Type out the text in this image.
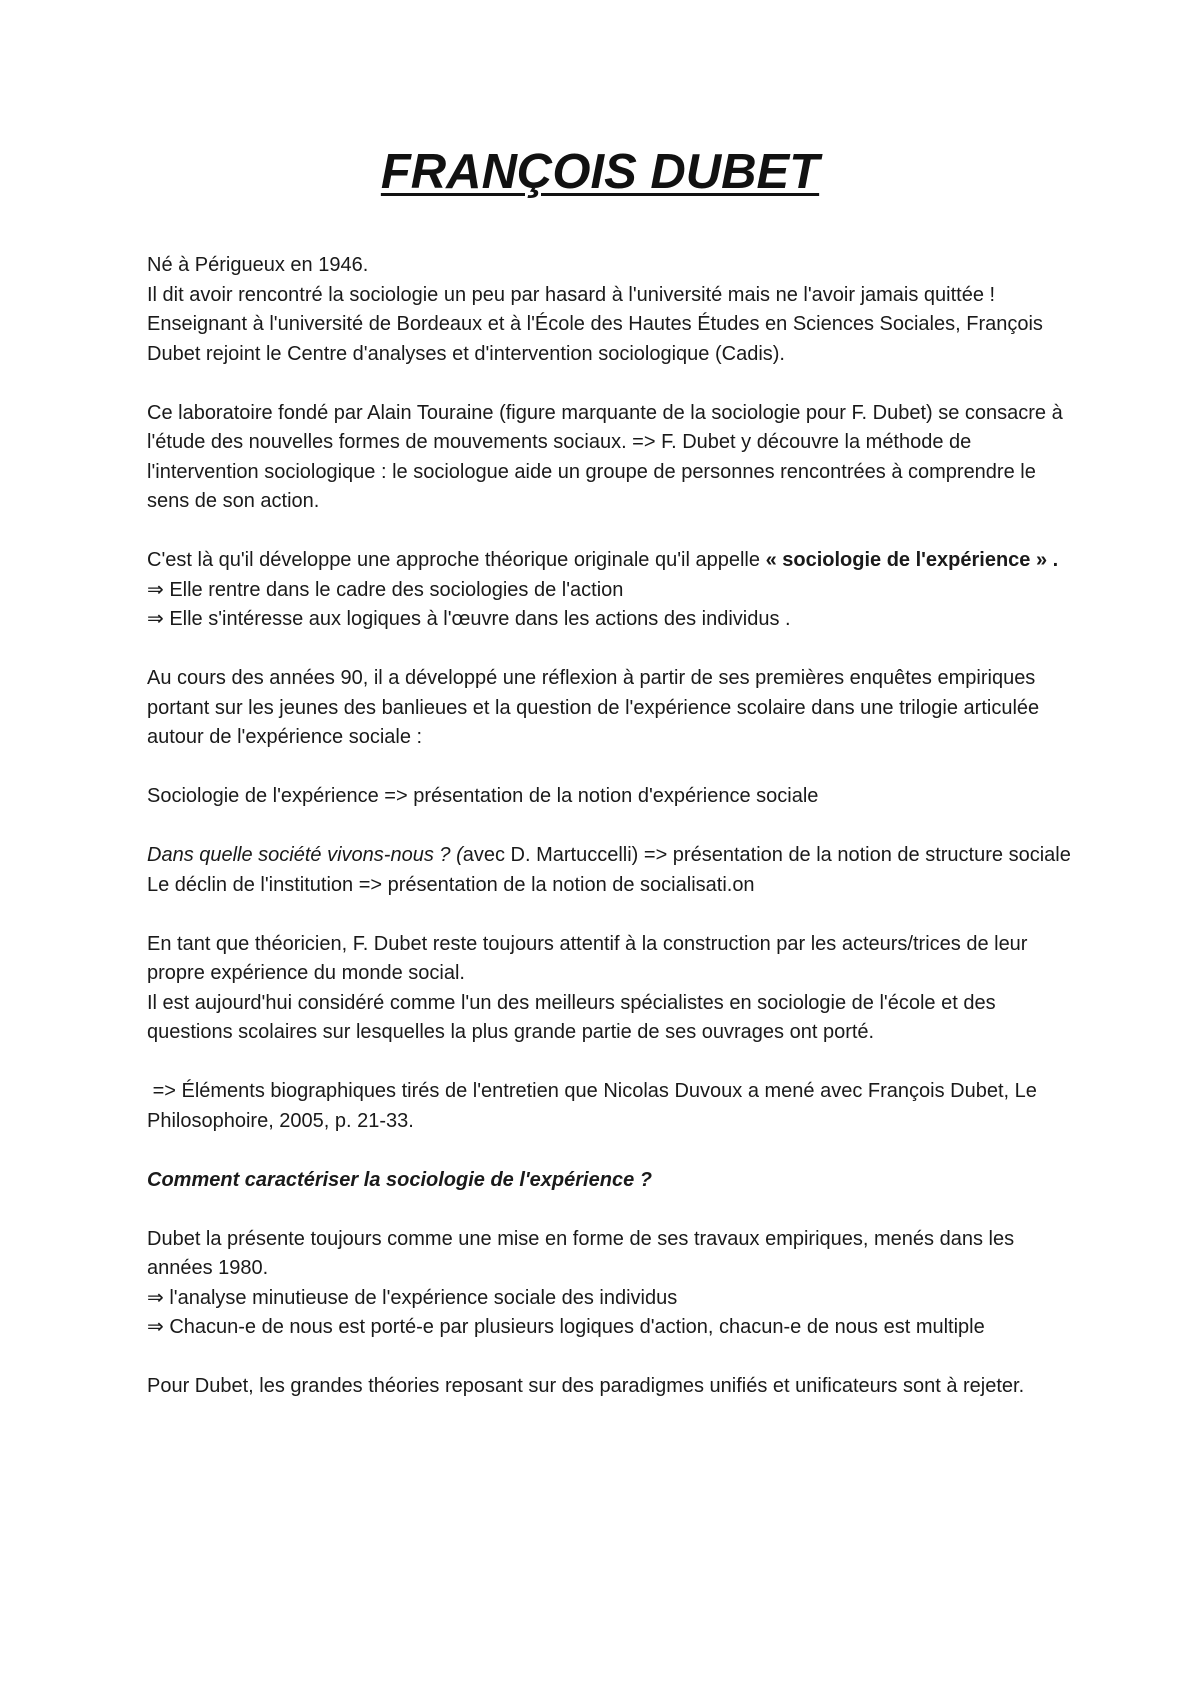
FRANÇOIS DUBET

Né à Périgueux en 1946.
Il dit avoir rencontré la sociologie un peu par hasard à l'université mais ne l'avoir jamais quittée ! Enseignant à l'université de Bordeaux et à l'École des Hautes Études en Sciences Sociales, François Dubet rejoint le Centre d'analyses et d'intervention sociologique (Cadis).

Ce laboratoire fondé par Alain Touraine (figure marquante de la sociologie pour F. Dubet) se consacre à l'étude des nouvelles formes de mouvements sociaux. => F. Dubet y découvre la méthode de l'intervention sociologique : le sociologue aide un groupe de personnes rencontrées à comprendre le sens de son action.

C'est là qu'il développe une approche théorique originale qu'il appelle « sociologie de l'expérience » .
⇒ Elle rentre dans le cadre des sociologies de l'action
⇒ Elle s'intéresse aux logiques à l'œuvre dans les actions des individus .

Au cours des années 90, il a développé une réflexion à partir de ses premières enquêtes empiriques portant sur les jeunes des banlieues et la question de l'expérience scolaire dans une trilogie articulée autour de l'expérience sociale :

Sociologie de l'expérience => présentation de la notion d'expérience sociale

Dans quelle société vivons-nous ? (avec D. Martuccelli) => présentation de la notion de structure sociale
Le déclin de l'institution => présentation de la notion de socialisati.on

En tant que théoricien, F. Dubet reste toujours attentif à la construction par les acteurs/trices de leur propre expérience du monde social.
Il est aujourd'hui considéré comme l'un des meilleurs spécialistes en sociologie de l'école et des questions scolaires sur lesquelles la plus grande partie de ses ouvrages ont porté.

=> Éléments biographiques tirés de l'entretien que Nicolas Duvoux a mené avec François Dubet, Le Philosophoire, 2005, p. 21-33.

Comment caractériser la sociologie de l'expérience ?

Dubet la présente toujours comme une mise en forme de ses travaux empiriques, menés dans les années 1980.
⇒ l'analyse minutieuse de l'expérience sociale des individus
⇒ Chacun-e de nous est porté-e par plusieurs logiques d'action, chacun-e de nous est multiple

Pour Dubet, les grandes théories reposant sur des paradigmes unifiés et unificateurs sont à rejeter.
